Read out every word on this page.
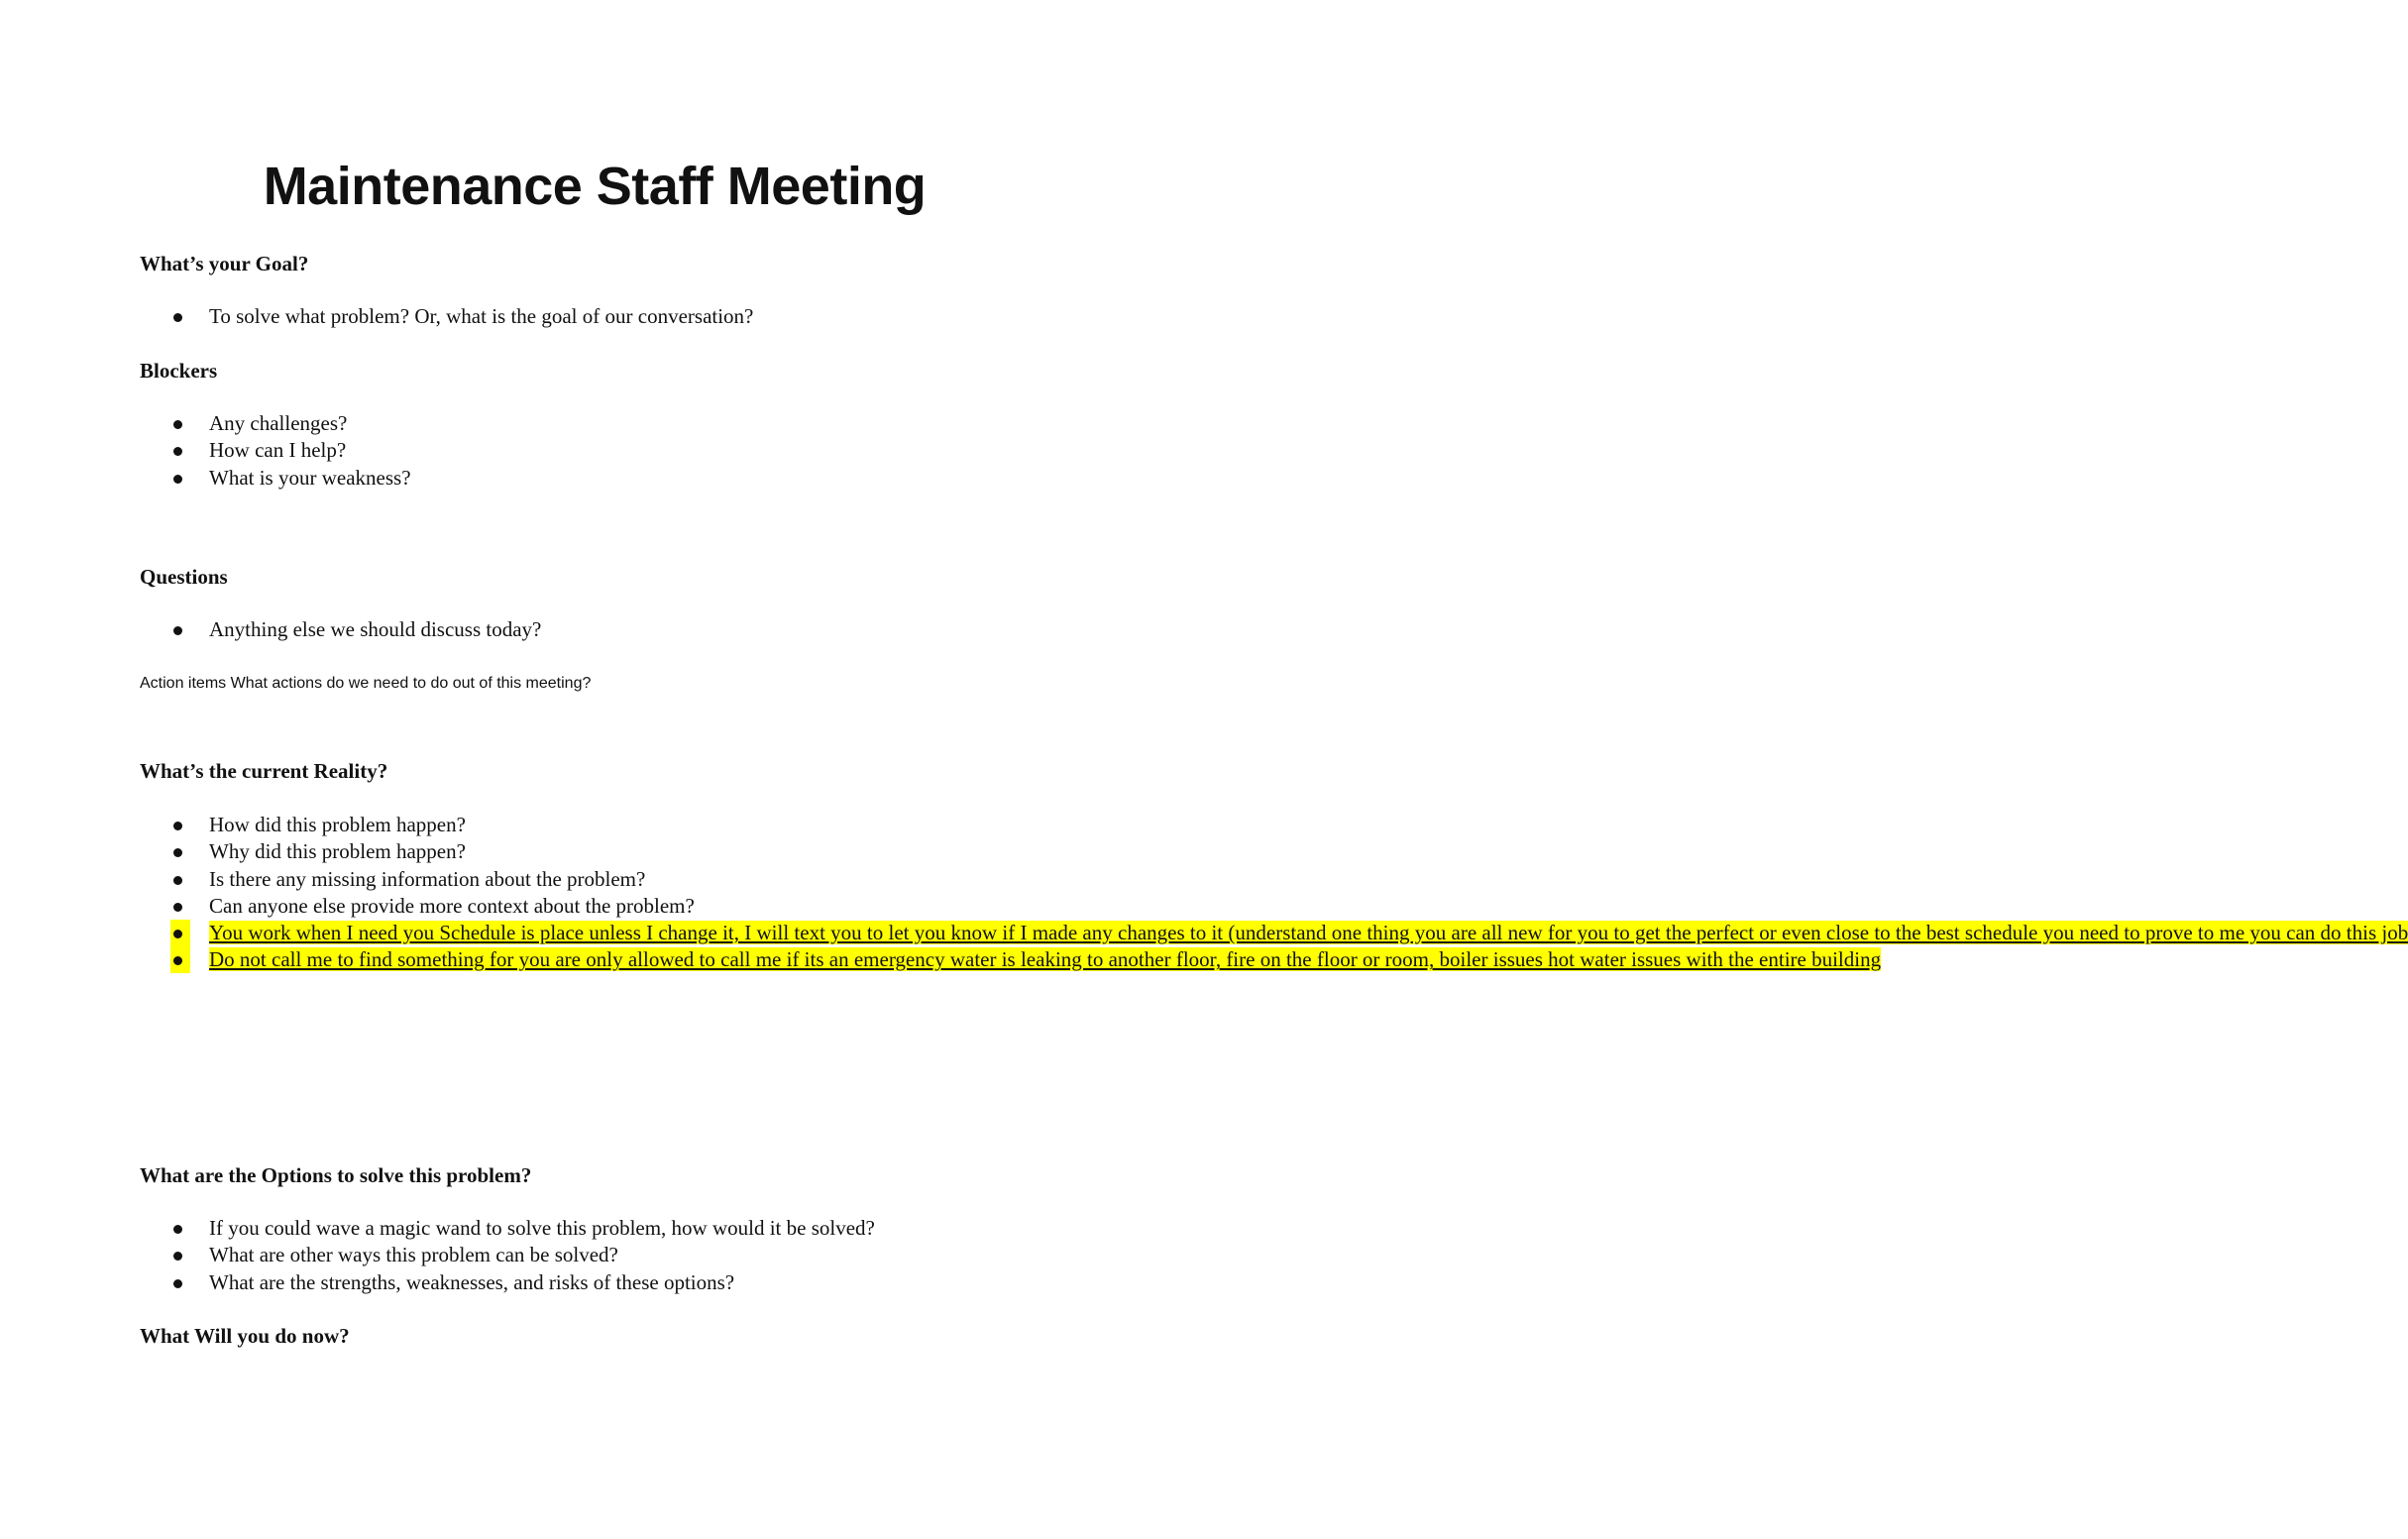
Maintenance Staff Meeting
What’s your Goal?
To solve what problem? Or, what is the goal of our conversation?
Blockers
Any challenges?
How can I help?
What is your weakness?
Questions
Anything else we should discuss today?

Action items What actions do we need to do out of this meeting?

What’s the current Reality?
How did this problem happen?
Why did this problem happen?
Is there any missing information about the problem?
Can anyone else provide more context about the problem?
You work when I need you Schedule is place unless I change it, I will text you to let you know if I made any changes to it (understand one thing you are all new for you to get the perfect or even close to the best schedule you need to prove to me you can do this job
Do not call me to find something for you are only allowed to call me if its an emergency water is leaking to another floor, fire on the floor or room, boiler issues hot water issues with the entire building
What are the Options to solve this problem?
If you could wave a magic wand to solve this problem, how would it be solved?
What are other ways this problem can be solved?
What are the strengths, weaknesses, and risks of these options?
What Will you do now?
